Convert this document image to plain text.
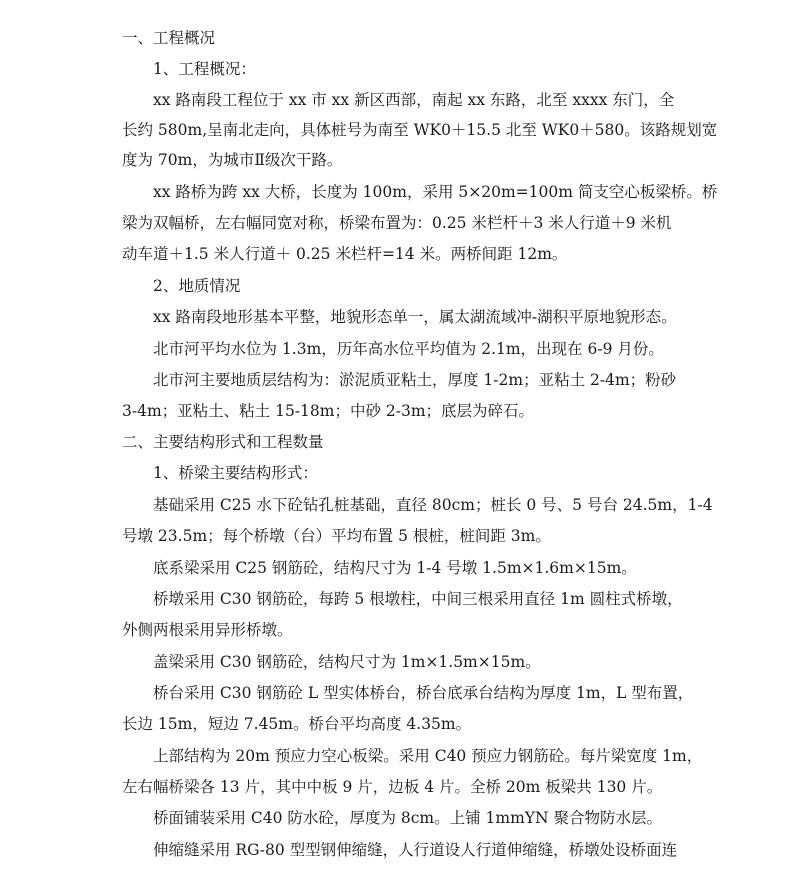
一、工程概况
1、工程概况：
xx 路南段工程位于 xx 市 xx 新区西部，南起 xx 东路，北至 xxxx 东门，全
长约 580m,呈南北走向，具体桩号为南至 WK0＋15.5 北至 WK0＋580。该路规划宽
度为 70m，为城市Ⅱ级次干路。
xx 路桥为跨 xx 大桥，长度为 100m，采用 5×20m=100m 简支空心板梁桥。桥
梁为双幅桥，左右幅同宽对称，桥梁布置为：0.25 米栏杆＋3 米人行道＋9 米机
动车道＋1.5 米人行道＋ 0.25 米栏杆=14 米。两桥间距 12m。
2、地质情况
xx 路南段地形基本平整，地貌形态单一，属太湖流域冲-湖积平原地貌形态。
北市河平均水位为 1.3m，历年高水位平均值为 2.1m，出现在 6-9 月份。
北市河主要地质层结构为：淤泥质亚粘土，厚度 1-2m；亚粘土 2-4m；粉砂
3-4m；亚粘土、粘土 15-18m；中砂 2-3m；底层为碎石。
二、主要结构形式和工程数量
1、桥梁主要结构形式：
基础采用 C25 水下砼钻孔桩基础，直径 80cm；桩长 0 号、5 号台 24.5m，1-4
号墩 23.5m；每个桥墩（台）平均布置 5 根桩，桩间距 3m。
底系梁采用 C25 钢筋砼，结构尺寸为 1-4 号墩 1.5m×1.6m×15m。
桥墩采用 C30 钢筋砼，每跨 5 根墩柱，中间三根采用直径 1m 圆柱式桥墩，
外侧两根采用异形桥墩。
盖梁采用 C30 钢筋砼，结构尺寸为 1m×1.5m×15m。
桥台采用 C30 钢筋砼 L 型实体桥台，桥台底承台结构为厚度 1m，L 型布置，
长边 15m，短边 7.45m。桥台平均高度 4.35m。
上部结构为 20m 预应力空心板梁。采用 C40 预应力钢筋砼。每片梁宽度 1m，
左右幅桥梁各 13 片，其中中板 9 片，边板 4 片。全桥 20m 板梁共 130 片。
桥面铺装采用 C40 防水砼，厚度为 8cm。上铺 1mmYN 聚合物防水层。
伸缩缝采用 RG-80 型型钢伸缩缝，人行道设人行道伸缩缝，桥墩处设桥面连
